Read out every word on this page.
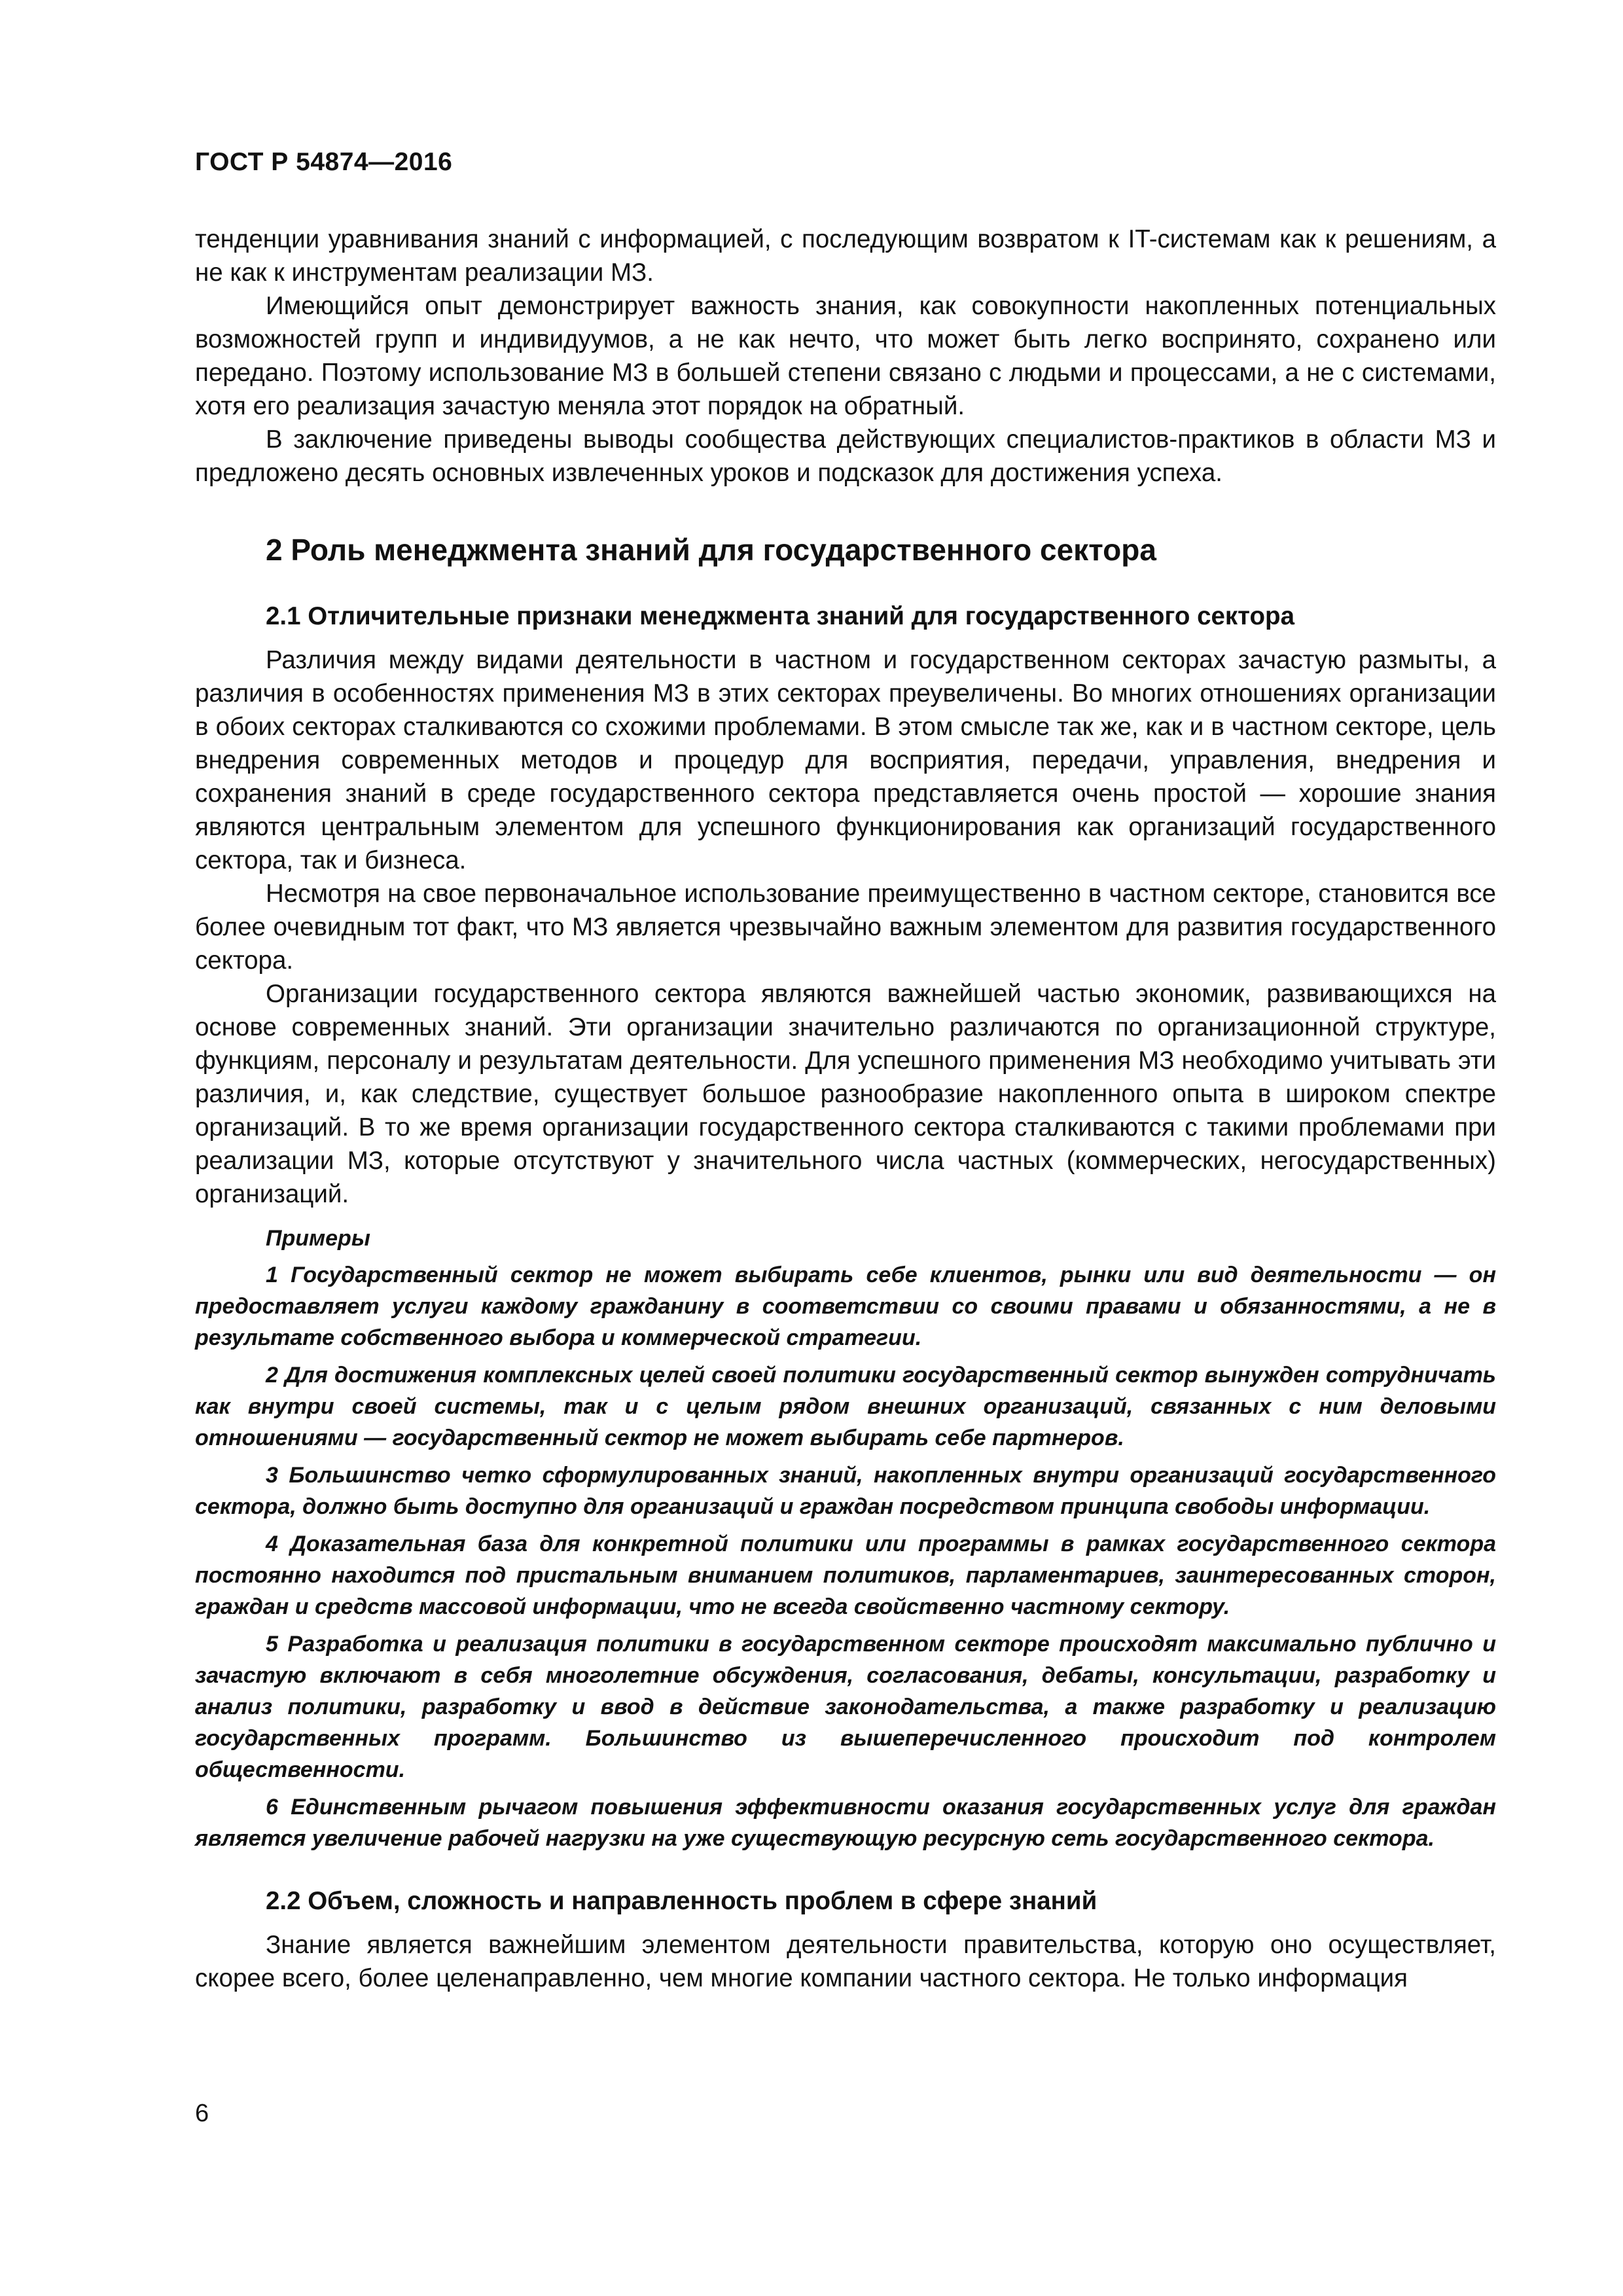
ГОСТ Р 54874—2016

тенденции уравнивания знаний с информацией, с последующим возвратом к IT-системам как к решениям, а не как к инструментам реализации МЗ.

Имеющийся опыт демонстрирует важность знания, как совокупности накопленных потенциальных возможностей групп и индивидуумов, а не как нечто, что может быть легко воспринято, сохранено или передано. Поэтому использование МЗ в большей степени связано с людьми и процессами, а не с системами, хотя его реализация зачастую меняла этот порядок на обратный.

В заключение приведены выводы сообщества действующих специалистов-практиков в области МЗ и предложено десять основных извлеченных уроков и подсказок для достижения успеха.

2 Роль менеджмента знаний для государственного сектора
2.1 Отличительные признаки менеджмента знаний для государственного сектора

Различия между видами деятельности в частном и государственном секторах зачастую размыты, а различия в особенностях применения МЗ в этих секторах преувеличены. Во многих отношениях организации в обоих секторах сталкиваются со схожими проблемами. В этом смысле так же, как и в частном секторе, цель внедрения современных методов и процедур для восприятия, передачи, управления, внедрения и сохранения знаний в среде государственного сектора представляется очень простой — хорошие знания являются центральным элементом для успешного функционирования как организаций государственного сектора, так и бизнеса.

Несмотря на свое первоначальное использование преимущественно в частном секторе, становится все более очевидным тот факт, что МЗ является чрезвычайно важным элементом для развития государственного сектора.

Организации государственного сектора являются важнейшей частью экономик, развивающихся на основе современных знаний. Эти организации значительно различаются по организационной структуре, функциям, персоналу и результатам деятельности. Для успешного применения МЗ необходимо учитывать эти различия, и, как следствие, существует большое разнообразие накопленного опыта в широком спектре организаций. В то же время организации государственного сектора сталкиваются с такими проблемами при реализации МЗ, которые отсутствуют у значительного числа частных (коммерческих, негосударственных) организаций.

Примеры

1 Государственный сектор не может выбирать себе клиентов, рынки или вид деятельности — он предоставляет услуги каждому гражданину в соответствии со своими правами и обязанностями, а не в результате собственного выбора и коммерческой стратегии.

2 Для достижения комплексных целей своей политики государственный сектор вынужден сотрудничать как внутри своей системы, так и с целым рядом внешних организаций, связанных с ним деловыми отношениями — государственный сектор не может выбирать себе партнеров.

3 Большинство четко сформулированных знаний, накопленных внутри организаций государственного сектора, должно быть доступно для организаций и граждан посредством принципа свободы информации.

4 Доказательная база для конкретной политики или программы в рамках государственного сектора постоянно находится под пристальным вниманием политиков, парламентариев, заинтересованных сторон, граждан и средств массовой информации, что не всегда свойственно частному сектору.

5 Разработка и реализация политики в государственном секторе происходят максимально публично и зачастую включают в себя многолетние обсуждения, согласования, дебаты, консультации, разработку и анализ политики, разработку и ввод в действие законодательства, а также разработку и реализацию государственных программ. Большинство из вышеперечисленного происходит под контролем общественности.

6 Единственным рычагом повышения эффективности оказания государственных услуг для граждан является увеличение рабочей нагрузки на уже существующую ресурсную сеть государственного сектора.

2.2 Объем, сложность и направленность проблем в сфере знаний

Знание является важнейшим элементом деятельности правительства, которую оно осуществляет, скорее всего, более целенаправленно, чем многие компании частного сектора. Не только информация

6
